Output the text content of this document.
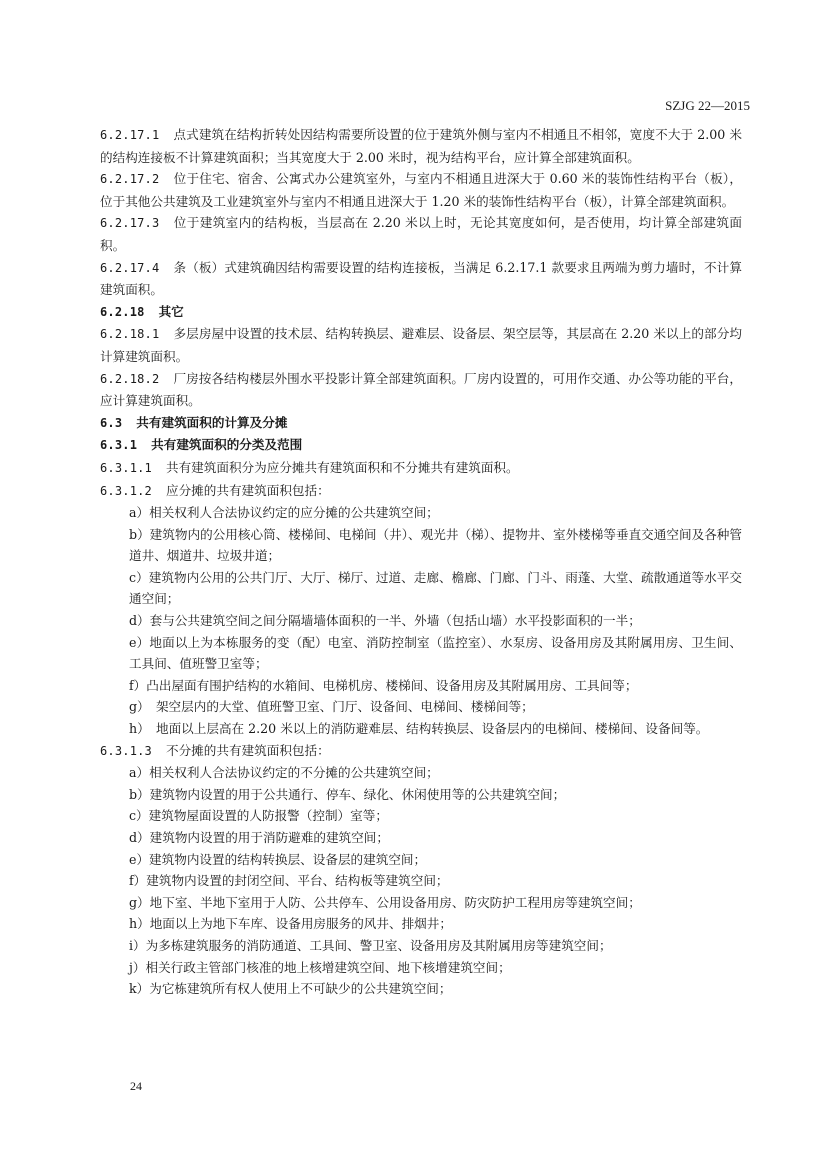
SZJG 22—2015

6.2.17.1 点式建筑在结构折转处因结构需要所设置的位于建筑外侧与室内不相通且不相邻，宽度不大于 2.00 米的结构连接板不计算建筑面积；当其宽度大于 2.00 米时，视为结构平台，应计算全部建筑面积。

6.2.17.2 位于住宅、宿舍、公寓式办公建筑室外，与室内不相通且进深大于 0.60 米的装饰性结构平台（板），位于其他公共建筑及工业建筑室外与室内不相通且进深大于 1.20 米的装饰性结构平台（板），计算全部建筑面积。

6.2.17.3 位于建筑室内的结构板，当层高在 2.20 米以上时，无论其宽度如何，是否使用，均计算全部建筑面积。

6.2.17.4 条（板）式建筑确因结构需要设置的结构连接板，当满足 6.2.17.1 款要求且两端为剪力墙时，不计算建筑面积。

6.2.18 其它

6.2.18.1 多层房屋中设置的技术层、结构转换层、避难层、设备层、架空层等，其层高在 2.20 米以上的部分均计算建筑面积。

6.2.18.2 厂房按各结构楼层外围水平投影计算全部建筑面积。厂房内设置的，可用作交通、办公等功能的平台，应计算建筑面积。

6.3 共有建筑面积的计算及分摊

6.3.1 共有建筑面积的分类及范围

6.3.1.1 共有建筑面积分为应分摊共有建筑面积和不分摊共有建筑面积。

6.3.1.2 应分摊的共有建筑面积包括：

a）相关权利人合法协议约定的应分摊的公共建筑空间；

b）建筑物内的公用核心筒、楼梯间、电梯间（井）、观光井（梯）、提物井、室外楼梯等垂直交通空间及各种管道井、烟道井、垃圾井道；

c）建筑物内公用的公共门厅、大厅、梯厅、过道、走廊、檐廊、门廊、门斗、雨蓬、大堂、疏散通道等水平交通空间；

d）套与公共建筑空间之间分隔墙墙体面积的一半、外墙（包括山墙）水平投影面积的一半；

e）地面以上为本栋服务的变（配）电室、消防控制室（监控室）、水泵房、设备用房及其附属用房、卫生间、工具间、值班警卫室等；

f）凸出屋面有围护结构的水箱间、电梯机房、楼梯间、设备用房及其附属用房、工具间等；

g）　架空层内的大堂、值班警卫室、门厅、设备间、电梯间、楼梯间等；

h）　地面以上层高在 2.20 米以上的消防避难层、结构转换层、设备层内的电梯间、楼梯间、设备间等。

6.3.1.3 不分摊的共有建筑面积包括：

a）相关权利人合法协议约定的不分摊的公共建筑空间；

b）建筑物内设置的用于公共通行、停车、绿化、休闲使用等的公共建筑空间；

c）建筑物屋面设置的人防报警（控制）室等；

d）建筑物内设置的用于消防避难的建筑空间；

e）建筑物内设置的结构转换层、设备层的建筑空间；

f）建筑物内设置的封闭空间、平台、结构板等建筑空间；

g）地下室、半地下室用于人防、公共停车、公用设备用房、防灾防护工程用房等建筑空间；

h）地面以上为地下车库、设备用房服务的风井、排烟井；

i）为多栋建筑服务的消防通道、工具间、警卫室、设备用房及其附属用房等建筑空间；

j）相关行政主管部门核准的地上核增建筑空间、地下核增建筑空间；

k）为它栋建筑所有权人使用上不可缺少的公共建筑空间；

24
